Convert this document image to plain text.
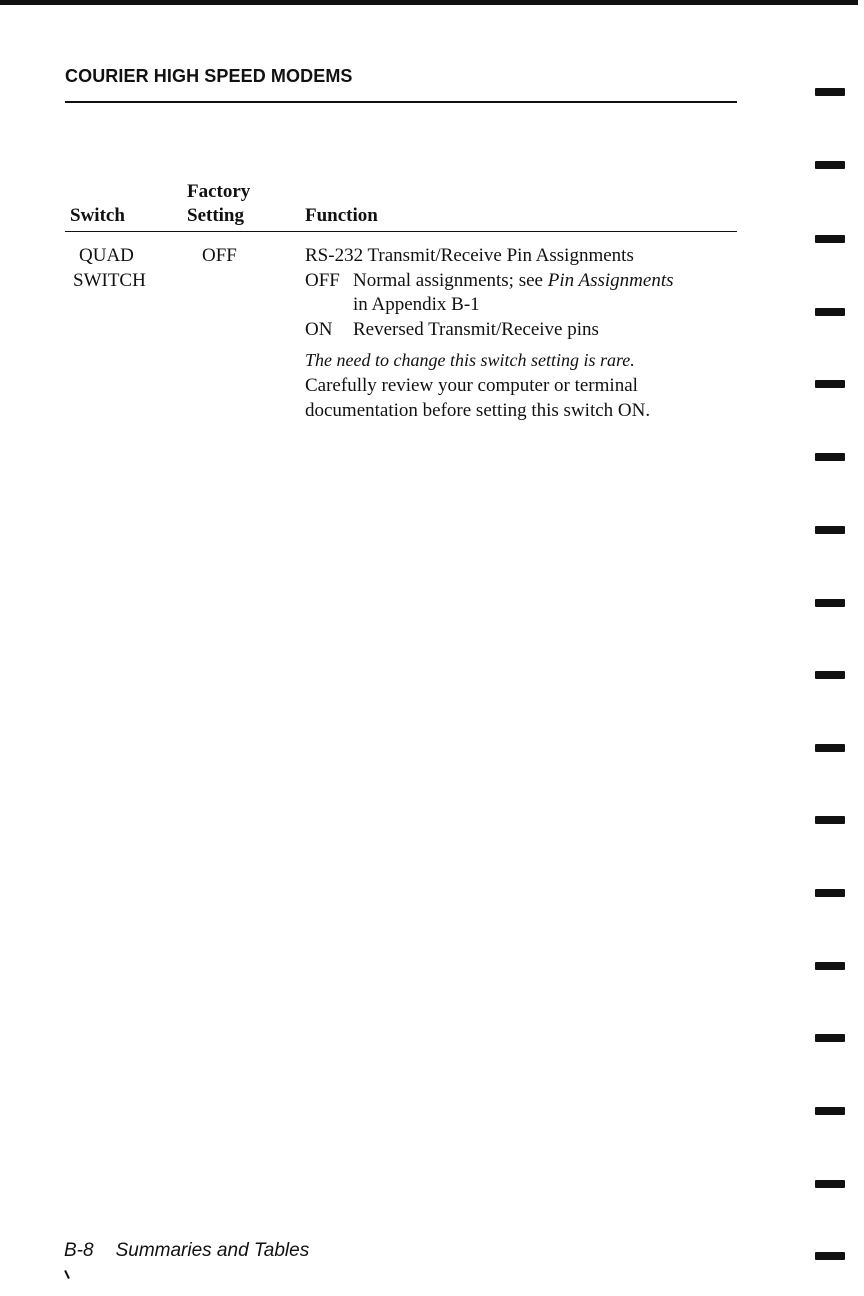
COURIER HIGH SPEED MODEMS
Switch
Factory
Setting	Function
QUAD
SWITCH
OFF	RS-232 Transmit/Receive Pin Assignments
OFF Normal assignments; see Pin Assignments
in Appendix B-1
ON Reversed Transmit/Receive pins
The need to change this switch setting is rare.
Carefully review your computer or terminal
documentation before setting this switch ON.
B-8 Summaries and Tables
